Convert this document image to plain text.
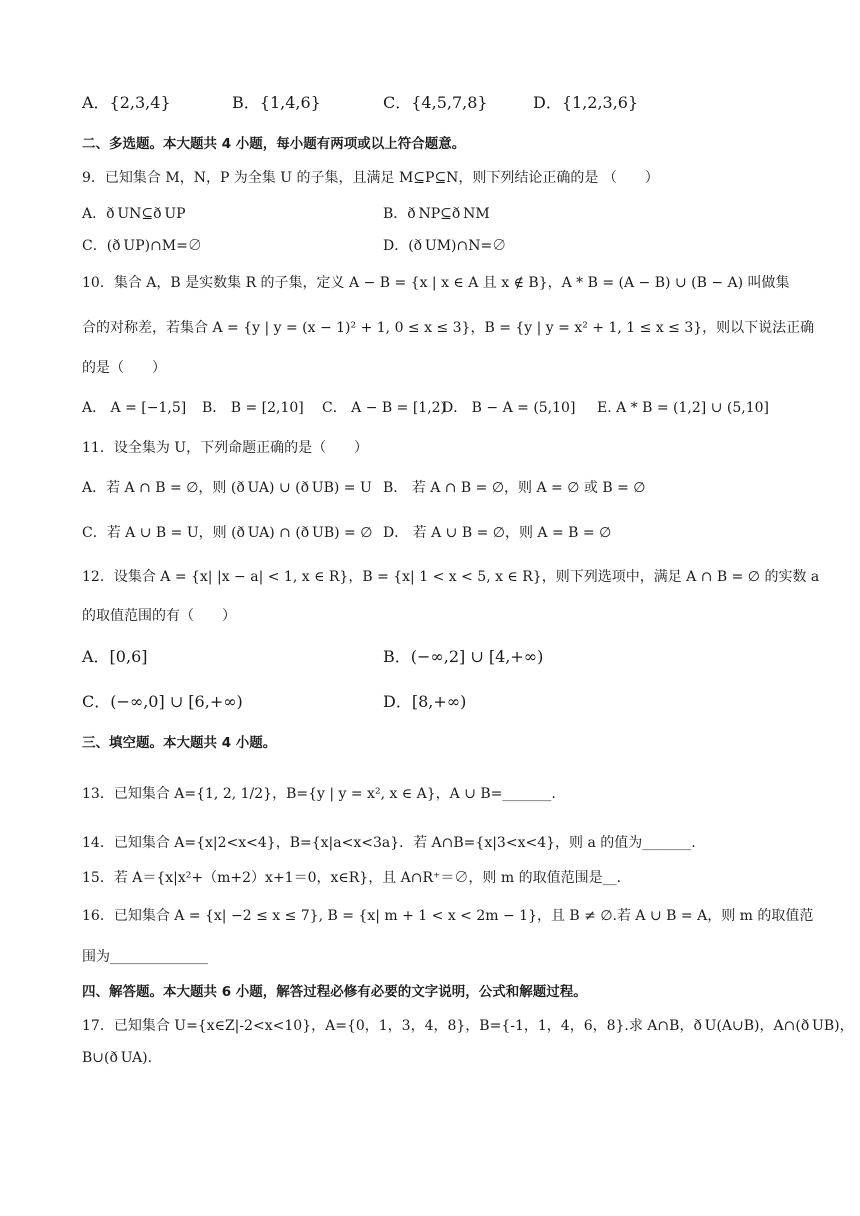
A．{2,3,4}	B．{1,4,6}	C．{4,5,7,8}	D．{1,2,3,6}
二、多选题。本大题共 4 小题，每小题有两项或以上符合题意。
9．已知集合 M，N，P 为全集 U 的子集，且满足 M⊆P⊆N，则下列结论正确的是 （　　）
A．ð UN⊆ð UP	B．ð NP⊆ð NM
C．(ð UP)∩M=∅	D．(ð UM)∩N=∅
10．集合 A，B 是实数集 R 的子集，定义 A − B = {x | x ∈ A 且 x ∉ B}，A * B = (A − B) ∪ (B − A) 叫做集
合的对称差，若集合 A = {y | y = (x − 1)² + 1, 0 ≤ x ≤ 3}，B = {y | y = x² + 1, 1 ≤ x ≤ 3}，则以下说法正确
的是（　　）
A． A = [−1,5] B． B = [2,10] C． A − B = [1,2)
D． B − A = (5,10] E. A * B = (1,2] ∪ (5,10]
11．设全集为 U，下列命题正确的是（　　）
A．若 A ∩ B = ∅，则 (ð UA) ∪ (ð UB) = U B． 若 A ∩ B = ∅，则 A = ∅ 或 B = ∅
C．若 A ∪ B = U，则 (ð UA) ∩ (ð UB) = ∅ D． 若 A ∪ B = ∅，则 A = B = ∅
12．设集合 A = {x| |x − a| < 1, x ∈ R}，B = {x| 1 < x < 5, x ∈ R}，则下列选项中，满足 A ∩ B = ∅ 的实数 a
的取值范围的有（　　）
A．[0,6]	B．(−∞,2] ∪ [4,+∞)
C．(−∞,0] ∪ [6,+∞)	D．[8,+∞)
三、填空题。本大题共 4 小题。
13．已知集合 A={1, 2, 1/2}，B={y | y = x², x ∈ A}，A ∪ B=_______.
14．已知集合 A={x|2<x<4}，B={x|a<x<3a}．若 A∩B={x|3<x<4}，则 a 的值为_______.
15．若 A＝{x|x²+（m+2）x+1＝0，x∈R}，且 A∩R⁺＝∅，则 m 的取值范围是__.
16．已知集合 A = {x| −2 ≤ x ≤ 7}, B = {x| m + 1 < x < 2m − 1}，且 B ≠ ∅.若 A ∪ B = A，则 m 的取值范
围为______________
四、解答题。本大题共 6 小题，解答过程必修有必要的文字说明，公式和解题过程。
17．已知集合 U={x∈Z|-2<x<10}，A={0，1，3，4，8}，B={-1，1，4，6，8}.求 A∩B，ð U(A∪B)，A∩(ð UB)，
B∪(ð UA).
